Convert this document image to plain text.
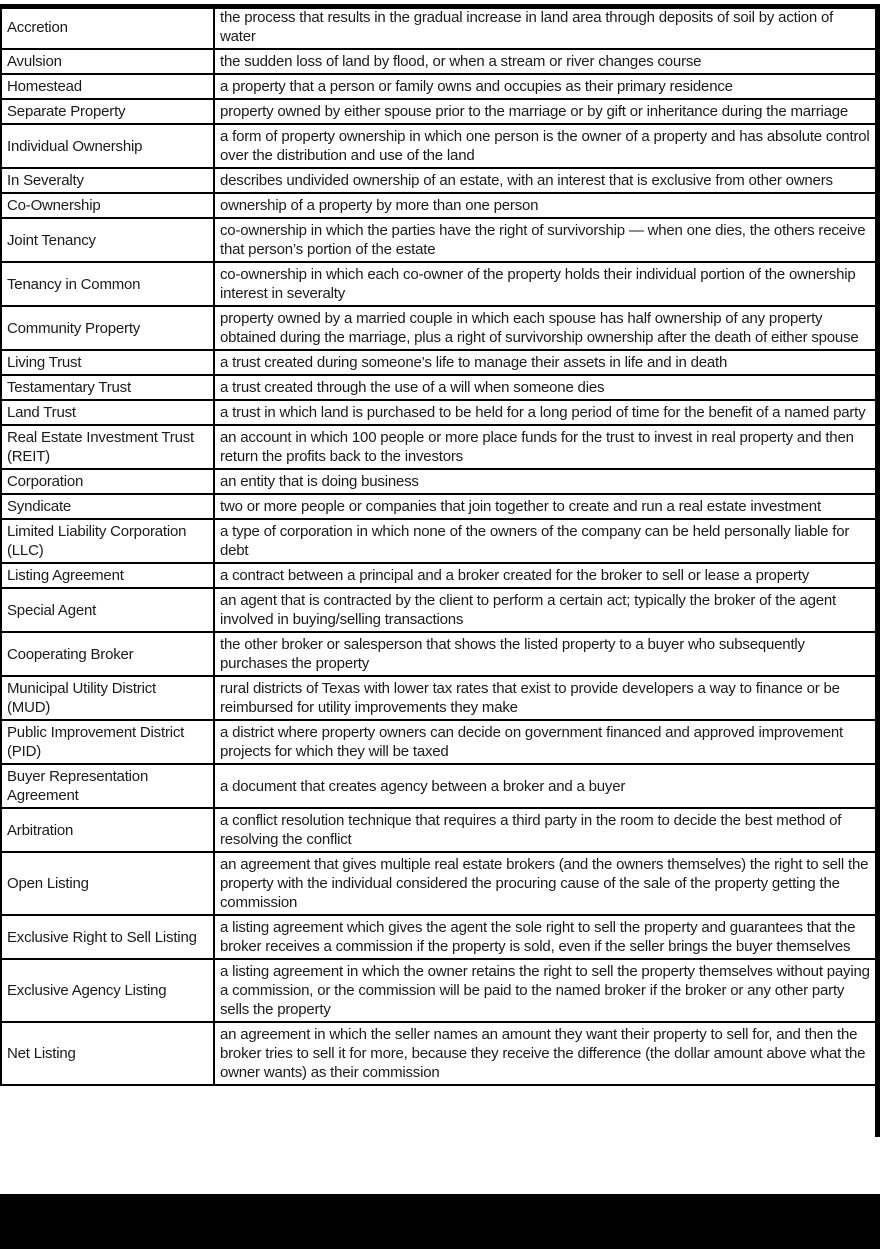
Accretion	the process that results in the gradual increase in land area through deposits of soil by action of water
Avulsion	the sudden loss of land by flood, or when a stream or river changes course
Homestead	a property that a person or family owns and occupies as their primary residence
Separate Property	property owned by either spouse prior to the marriage or by gift or inheritance during the marriage
Individual Ownership	a form of property ownership in which one person is the owner of a property and has absolute control over the distribution and use of the land
In Severalty	describes undivided ownership of an estate, with an interest that is exclusive from other owners
Co-Ownership	ownership of a property by more than one person
Joint Tenancy	co-ownership in which the parties have the right of survivorship — when one dies, the others receive that person’s portion of the estate
Tenancy in Common	co-ownership in which each co-owner of the property holds their individual portion of the ownership interest in severalty
Community Property	property owned by a married couple in which each spouse has half ownership of any property obtained during the marriage, plus a right of survivorship ownership after the death of either spouse
Living Trust	a trust created during someone’s life to manage their assets in life and in death
Testamentary Trust	a trust created through the use of a will when someone dies
Land Trust	a trust in which land is purchased to be held for a long period of time for the benefit of a named party
Real Estate Investment Trust (REIT)	an account in which 100 people or more place funds for the trust to invest in real property and then return the profits back to the investors
Corporation	an entity that is doing business
Syndicate	two or more people or companies that join together to create and run a real estate investment
Limited Liability Corporation (LLC)	a type of corporation in which none of the owners of the company can be held personally liable for debt
Listing Agreement	a contract between a principal and a broker created for the broker to sell or lease a property
Special Agent	an agent that is contracted by the client to perform a certain act; typically the broker of the agent involved in buying/selling transactions
Cooperating Broker	the other broker or salesperson that shows the listed property to a buyer who subsequently purchases the property
Municipal Utility District (MUD)	rural districts of Texas with lower tax rates that exist to provide developers a way to finance or be reimbursed for utility improvements they make
Public Improvement District (PID)	a district where property owners can decide on government financed and approved improvement projects for which they will be taxed
Buyer Representation Agreement	a document that creates agency between a broker and a buyer
Arbitration	a conflict resolution technique that requires a third party in the room to decide the best method of resolving the conflict
Open Listing	an agreement that gives multiple real estate brokers (and the owners themselves) the right to sell the property with the individual considered the procuring cause of the sale of the property getting the commission
Exclusive Right to Sell Listing	a listing agreement which gives the agent the sole right to sell the property and guarantees that the broker receives a commission if the property is sold, even if the seller brings the buyer themselves
Exclusive Agency Listing	a listing agreement in which the owner retains the right to sell the property themselves without paying a commission, or the commission will be paid to the named broker if the broker or any other party sells the property
Net Listing	an agreement in which the seller names an amount they want their property to sell for, and then the broker tries to sell it for more, because they receive the difference (the dollar amount above what the owner wants) as their commission
